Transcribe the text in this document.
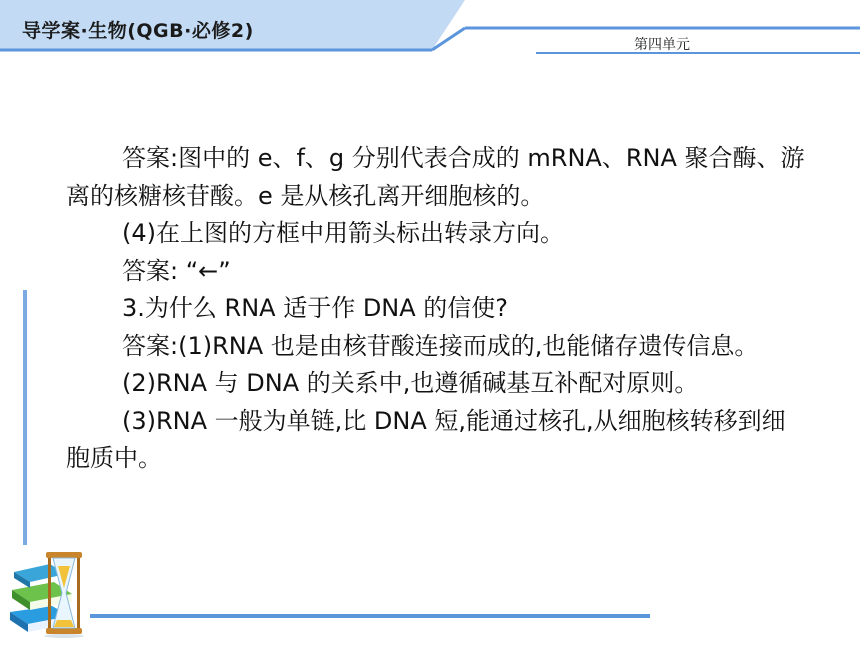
导学案·生物(QGB·必修2)
第四单元

答案:图中的 e、f、g 分别代表合成的 mRNA、RNA 聚合酶、游离的核糖核苷酸。e 是从核孔离开细胞核的。

(4)在上图的方框中用箭头标出转录方向。

答案: “←”

3.为什么 RNA 适于作 DNA 的信使?

答案:(1)RNA 也是由核苷酸连接而成的,也能储存遗传信息。

(2)RNA 与 DNA 的关系中,也遵循碱基互补配对原则。

(3)RNA 一般为单链,比 DNA 短,能通过核孔,从细胞核转移到细胞质中。
